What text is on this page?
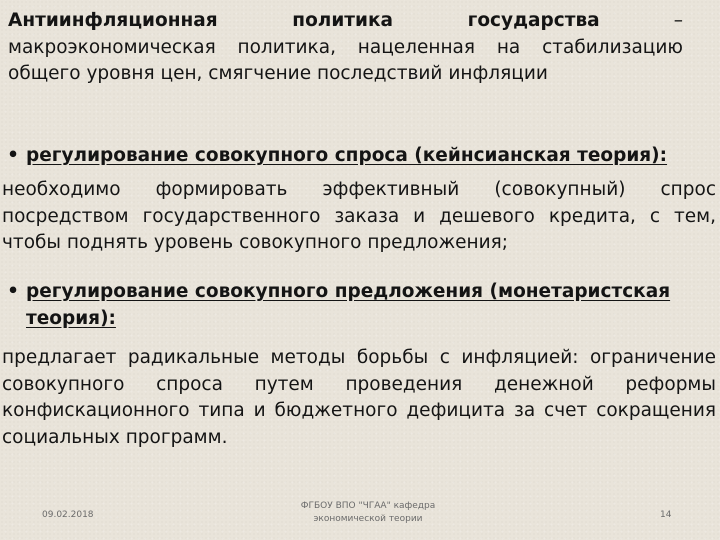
Антиинфляционная политика государства	– макроэкономическая политика, нацеленная на стабилизацию общего уровня цен, смягчение последствий инфляции

• регулирование совокупного спроса (кейнсианская теория):

необходимо формировать эффективный (совокупный) спрос посредством государственного заказа и дешевого кредита, с тем, чтобы поднять уровень совокупного предложения;

• регулирование совокупного предложения (монетаристская теория):

предлагает радикальные методы борьбы с инфляцией: ограничение совокупного спроса путем проведения денежной реформы конфискационного типа и бюджетного дефицита за счет сокращения социальных программ.

09.02.2018
ФГБОУ ВПО "ЧГАА" кафедра
экономической теории	14
